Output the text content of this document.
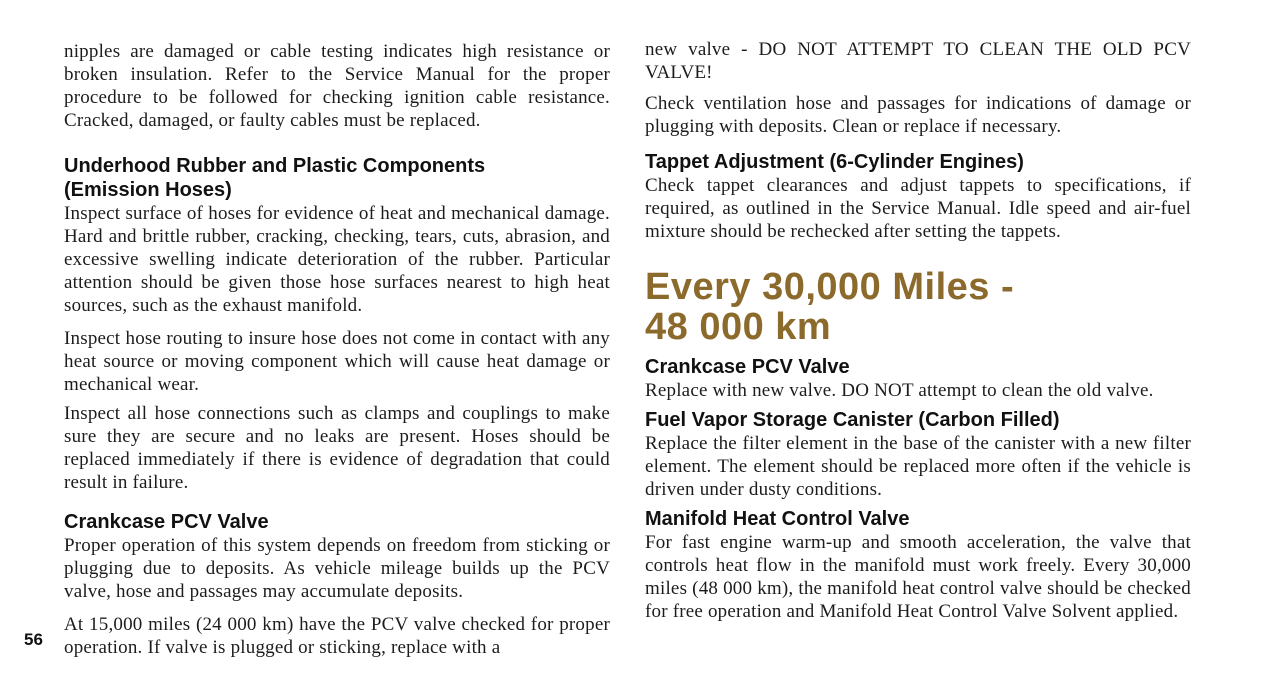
nipples are damaged or cable testing indicates high resistance or broken insulation. Refer to the Service Manual for the proper procedure to be followed for checking ignition cable resistance. Cracked, damaged, or faulty cables must be replaced.

Underhood Rubber and Plastic Components
(Emission Hoses)

Inspect surface of hoses for evidence of heat and mechanical damage. Hard and brittle rubber, cracking, checking, tears, cuts, abrasion, and excessive swelling indicate deterioration of the rubber. Particular attention should be given those hose surfaces nearest to high heat sources, such as the exhaust manifold.

Inspect hose routing to insure hose does not come in contact with any heat source or moving component which will cause heat damage or mechanical wear.

Inspect all hose connections such as clamps and couplings to make sure they are secure and no leaks are present. Hoses should be replaced immediately if there is evidence of degradation that could result in failure.

Crankcase PCV Valve

Proper operation of this system depends on freedom from sticking or plugging due to deposits. As vehicle mileage builds up the PCV valve, hose and passages may accumulate deposits.

At 15,000 miles (24 000 km) have the PCV valve checked for proper operation. If valve is plugged or sticking, replace with a

new valve - DO NOT ATTEMPT TO CLEAN THE OLD PCV VALVE!

Check ventilation hose and passages for indications of damage or plugging with deposits. Clean or replace if necessary.

Tappet Adjustment (6-Cylinder Engines)

Check tappet clearances and adjust tappets to specifications, if required, as outlined in the Service Manual. Idle speed and air-fuel mixture should be rechecked after setting the tappets.

Every 30,000 Miles -
48 000 km
Crankcase PCV Valve

Replace with new valve. DO NOT attempt to clean the old valve.

Fuel Vapor Storage Canister (Carbon Filled)

Replace the filter element in the base of the canister with a new filter element. The element should be replaced more often if the vehicle is driven under dusty conditions.

Manifold Heat Control Valve

For fast engine warm-up and smooth acceleration, the valve that controls heat flow in the manifold must work freely. Every 30,000 miles (48 000 km), the manifold heat control valve should be checked for free operation and Manifold Heat Control Valve Solvent applied.

56
